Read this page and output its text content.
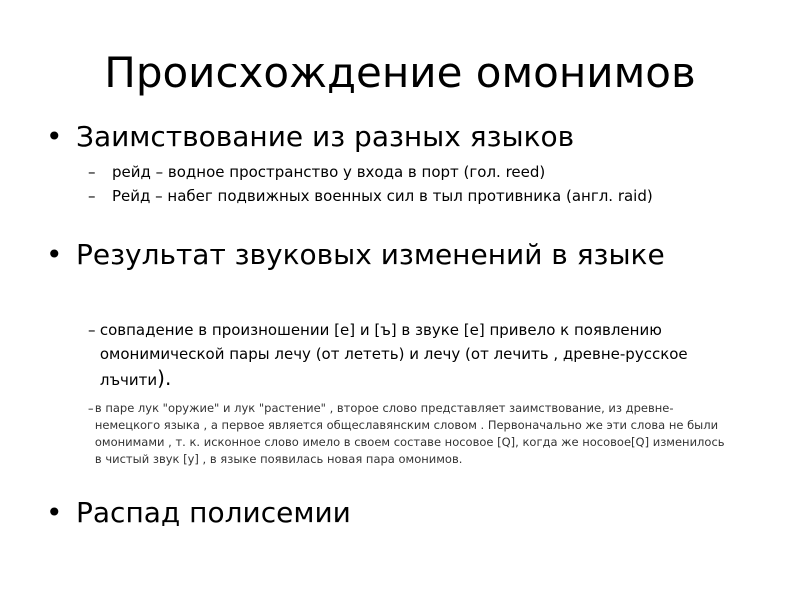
Происхождение омонимов
• Заимствование из разных языков
–	рейд – водное пространство у входа в порт (гол. reed)
–	Рейд – набег подвижных военных сил в тыл противника (англ. raid)
• Результат звуковых изменений в языке
– совпадение в произношении [е] и [ъ] в звуке [е] привело к появлению омонимической пары лечу (от лететь) и лечу (от лечить , древне-русское лъчити).
– в паре лук "оружие" и лук "растение" , второе слово представляет заимствование, из древне-немецкого языка , а первое является общеславянским словом . Первоначально же эти слова не были омонимами , т. к. исконное слово имело в своем составе носовое [Q], когда же носовое[Q] изменилось в чистый звук [у] , в языке появилась новая пара омонимов.
• Распад полисемии
